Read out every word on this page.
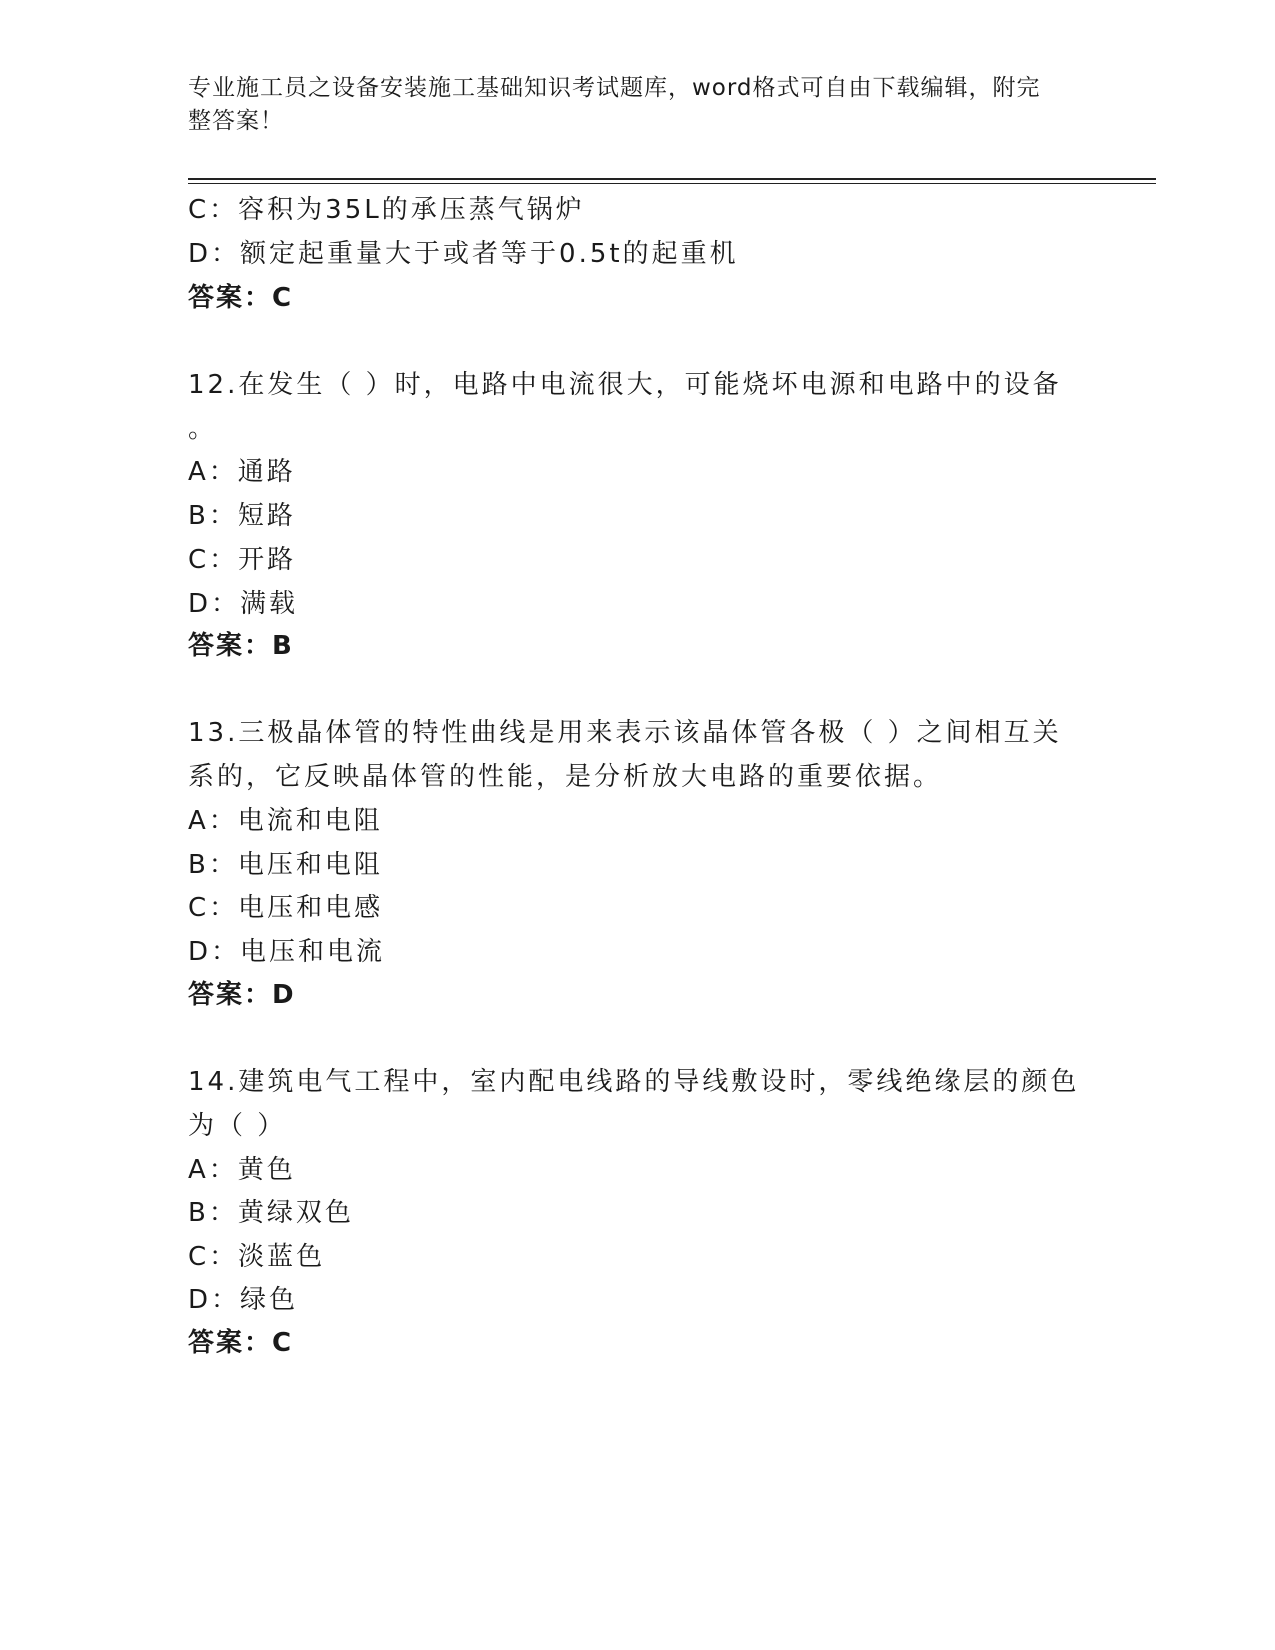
专业施工员之设备安装施工基础知识考试题库，word格式可自由下载编辑，附完
整答案！
C：容积为35L的承压蒸气锅炉
D：额定起重量大于或者等于0.5t的起重机
答案：C
12.在发生（ ）时，电路中电流很大，可能烧坏电源和电路中的设备
。
A：通路
B：短路
C：开路
D：满载
答案：B
13.三极晶体管的特性曲线是用来表示该晶体管各极（ ）之间相互关
系的，它反映晶体管的性能，是分析放大电路的重要依据。
A：电流和电阻
B：电压和电阻
C：电压和电感
D：电压和电流
答案：D
14.建筑电气工程中，室内配电线路的导线敷设时，零线绝缘层的颜色
为（ ）
A：黄色
B：黄绿双色
C：淡蓝色
D：绿色
答案：C
